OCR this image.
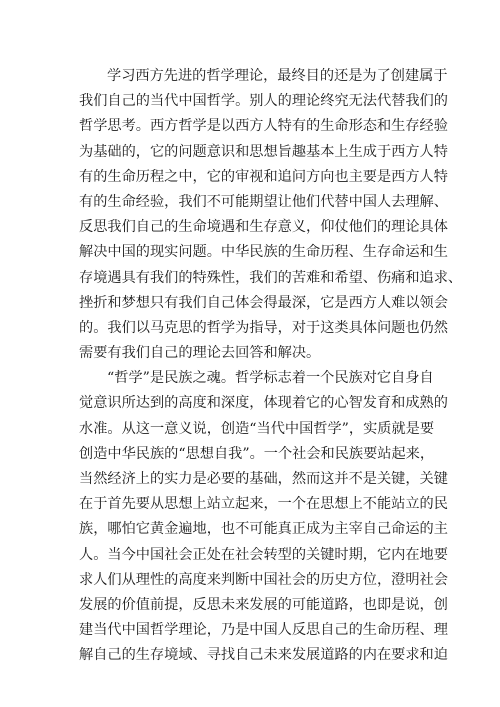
学习西方先进的哲学理论，最终目的还是为了创建属于
我们自己的当代中国哲学。别人的理论终究无法代替我们的
哲学思考。西方哲学是以西方人特有的生命形态和生存经验
为基础的，它的问题意识和思想旨趣基本上生成于西方人特
有的生命历程之中，它的审视和追问方向也主要是西方人特
有的生命经验，我们不可能期望让他们代替中国人去理解、
反思我们自己的生命境遇和生存意义，仰仗他们的理论具体
解决中国的现实问题。中华民族的生命历程、生存命运和生
存境遇具有我们的特殊性，我们的苦难和希望、伤痛和追求、
挫折和梦想只有我们自己体会得最深，它是西方人难以领会
的。我们以马克思的哲学为指导，对于这类具体问题也仍然
需要有我们自己的理论去回答和解决。
“哲学”是民族之魂。哲学标志着一个民族对它自身自
觉意识所达到的高度和深度，体现着它的心智发育和成熟的
水准。从这一意义说，创造“当代中国哲学”，实质就是要
创造中华民族的“思想自我”。一个社会和民族要站起来，
当然经济上的实力是必要的基础，然而这并不是关键，关键
在于首先要从思想上站立起来，一个在思想上不能站立的民
族，哪怕它黄金遍地，也不可能真正成为主宰自己命运的主
人。当今中国社会正处在社会转型的关键时期，它内在地要
求人们从理性的高度来判断中国社会的历史方位，澄明社会
发展的价值前提，反思未来发展的可能道路，也即是说，创
建当代中国哲学理论，乃是中国人反思自己的生命历程、理
解自己的生存境域、寻找自己未来发展道路的内在要求和迫
